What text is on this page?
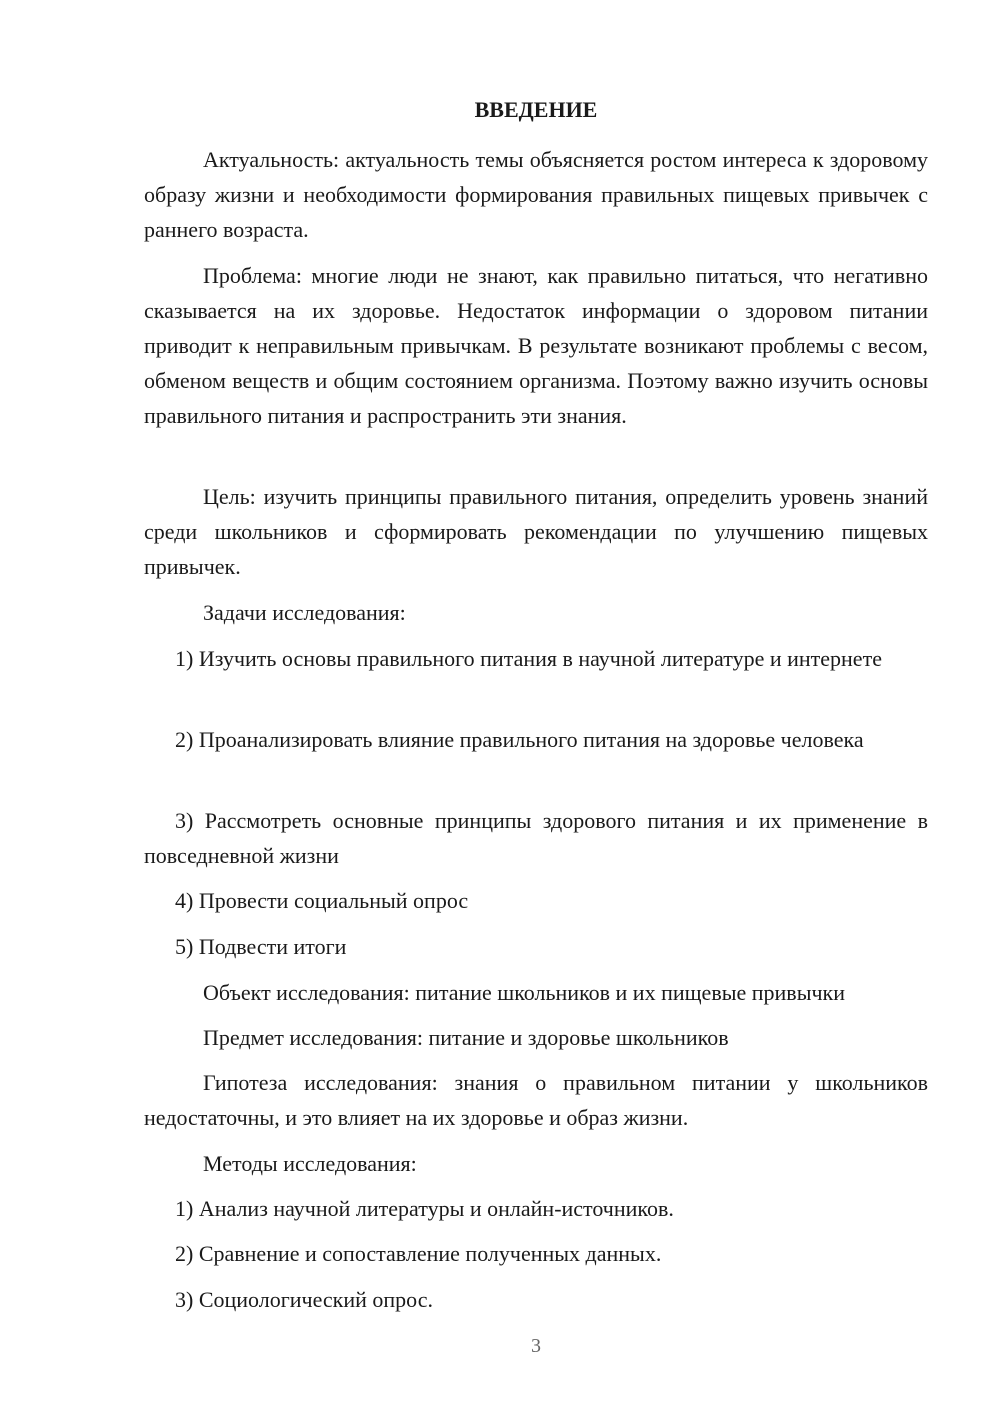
ВВЕДЕНИЕ

Актуальность: актуальность темы объясняется ростом интереса к здоровому образу жизни и необходимости формирования правильных пищевых привычек с раннего возраста.

Проблема: многие люди не знают, как правильно питаться, что негативно сказывается на их здоровье. Недостаток информации о здоровом питании приводит к неправильным привычкам. В результате возникают проблемы с весом, обменом веществ и общим состоянием организма. Поэтому важно изучить основы правильного питания и распространить эти знания.

Цель: изучить принципы правильного питания, определить уровень знаний среди школьников и сформировать рекомендации по улучшению пищевых привычек.

Задачи исследования:

1) Изучить основы правильного питания в научной литературе и интернете

2) Проанализировать влияние правильного питания на здоровье человека

3) Рассмотреть основные принципы здорового питания и их применение в повседневной жизни

4) Провести социальный опрос

5) Подвести итоги

Объект исследования: питание школьников и их пищевые привычки

Предмет исследования: питание и здоровье школьников

Гипотеза исследования: знания о правильном питании у школьников недостаточны, и это влияет на их здоровье и образ жизни.

Методы исследования:

1) Анализ научной литературы и онлайн-источников.

2) Сравнение и сопоставление полученных данных.

3) Социологический опрос.

3
